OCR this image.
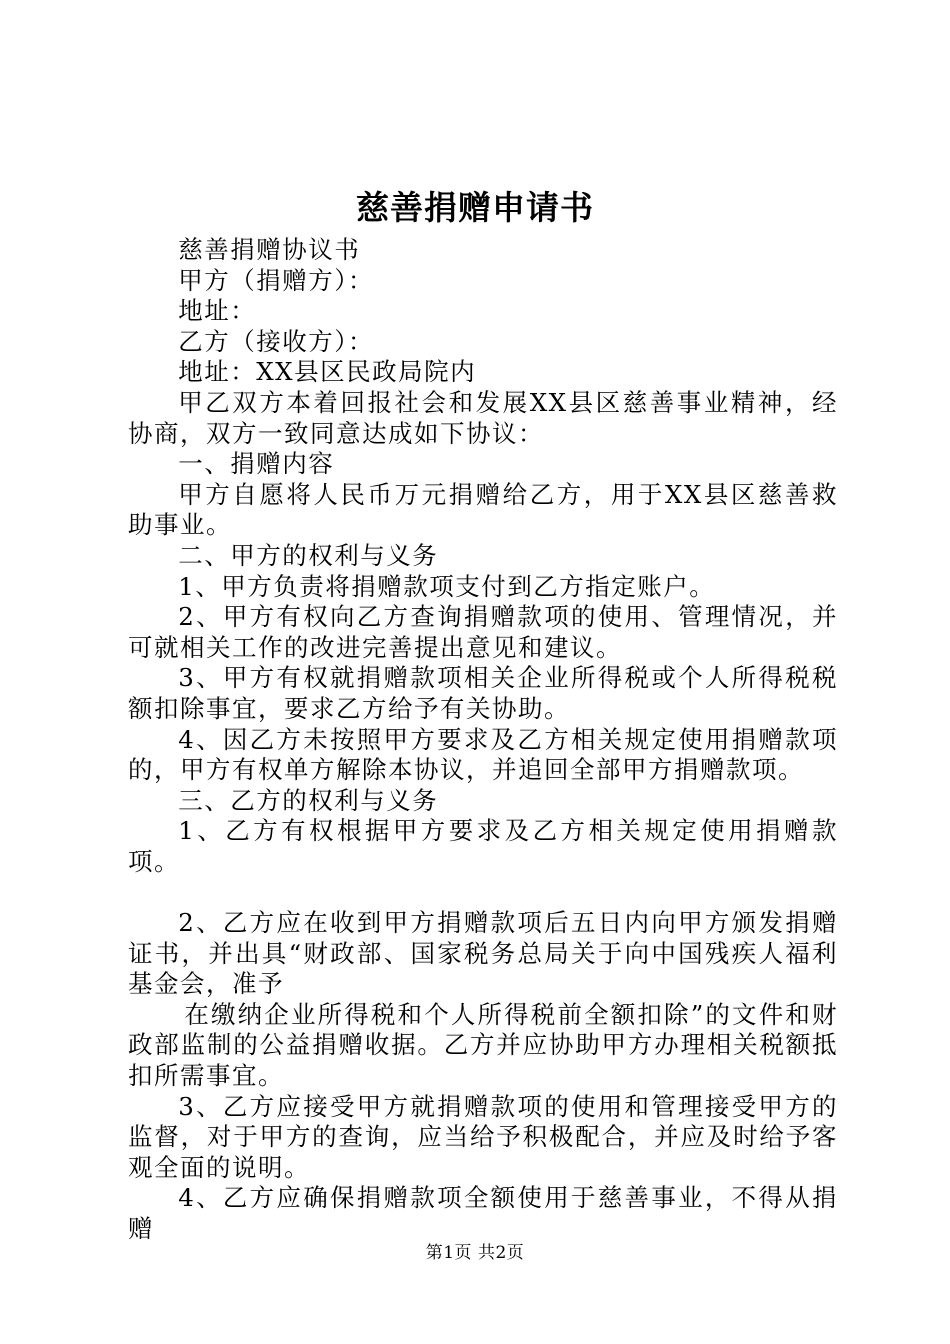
慈善捐赠申请书

慈善捐赠协议书

甲方（捐赠方）：

地址：

乙方（接收方）：

地址：XX县区民政局院内

甲乙双方本着回报社会和发展XX县区慈善事业精神，经协商，双方一致同意达成如下协议：

一、捐赠内容

甲方自愿将人民币万元捐赠给乙方，用于XX县区慈善救助事业。

二、甲方的权利与义务

1、甲方负责将捐赠款项支付到乙方指定账户。

2、甲方有权向乙方查询捐赠款项的使用、管理情况，并可就相关工作的改进完善提出意见和建议。

3、甲方有权就捐赠款项相关企业所得税或个人所得税税额扣除事宜，要求乙方给予有关协助。

4、因乙方未按照甲方要求及乙方相关规定使用捐赠款项的，甲方有权单方解除本协议，并追回全部甲方捐赠款项。

三、乙方的权利与义务

1、乙方有权根据甲方要求及乙方相关规定使用捐赠款项。

2、乙方应在收到甲方捐赠款项后五日内向甲方颁发捐赠证书，并出具“财政部、国家税务总局关于向中国残疾人福利基金会，准予

在缴纳企业所得税和个人所得税前全额扣除”的文件和财政部监制的公益捐赠收据。乙方并应协助甲方办理相关税额抵扣所需事宜。

3、乙方应接受甲方就捐赠款项的使用和管理接受甲方的监督，对于甲方的查询，应当给予积极配合，并应及时给予客观全面的说明。

4、乙方应确保捐赠款项全额使用于慈善事业，不得从捐赠

第1页 共2页
